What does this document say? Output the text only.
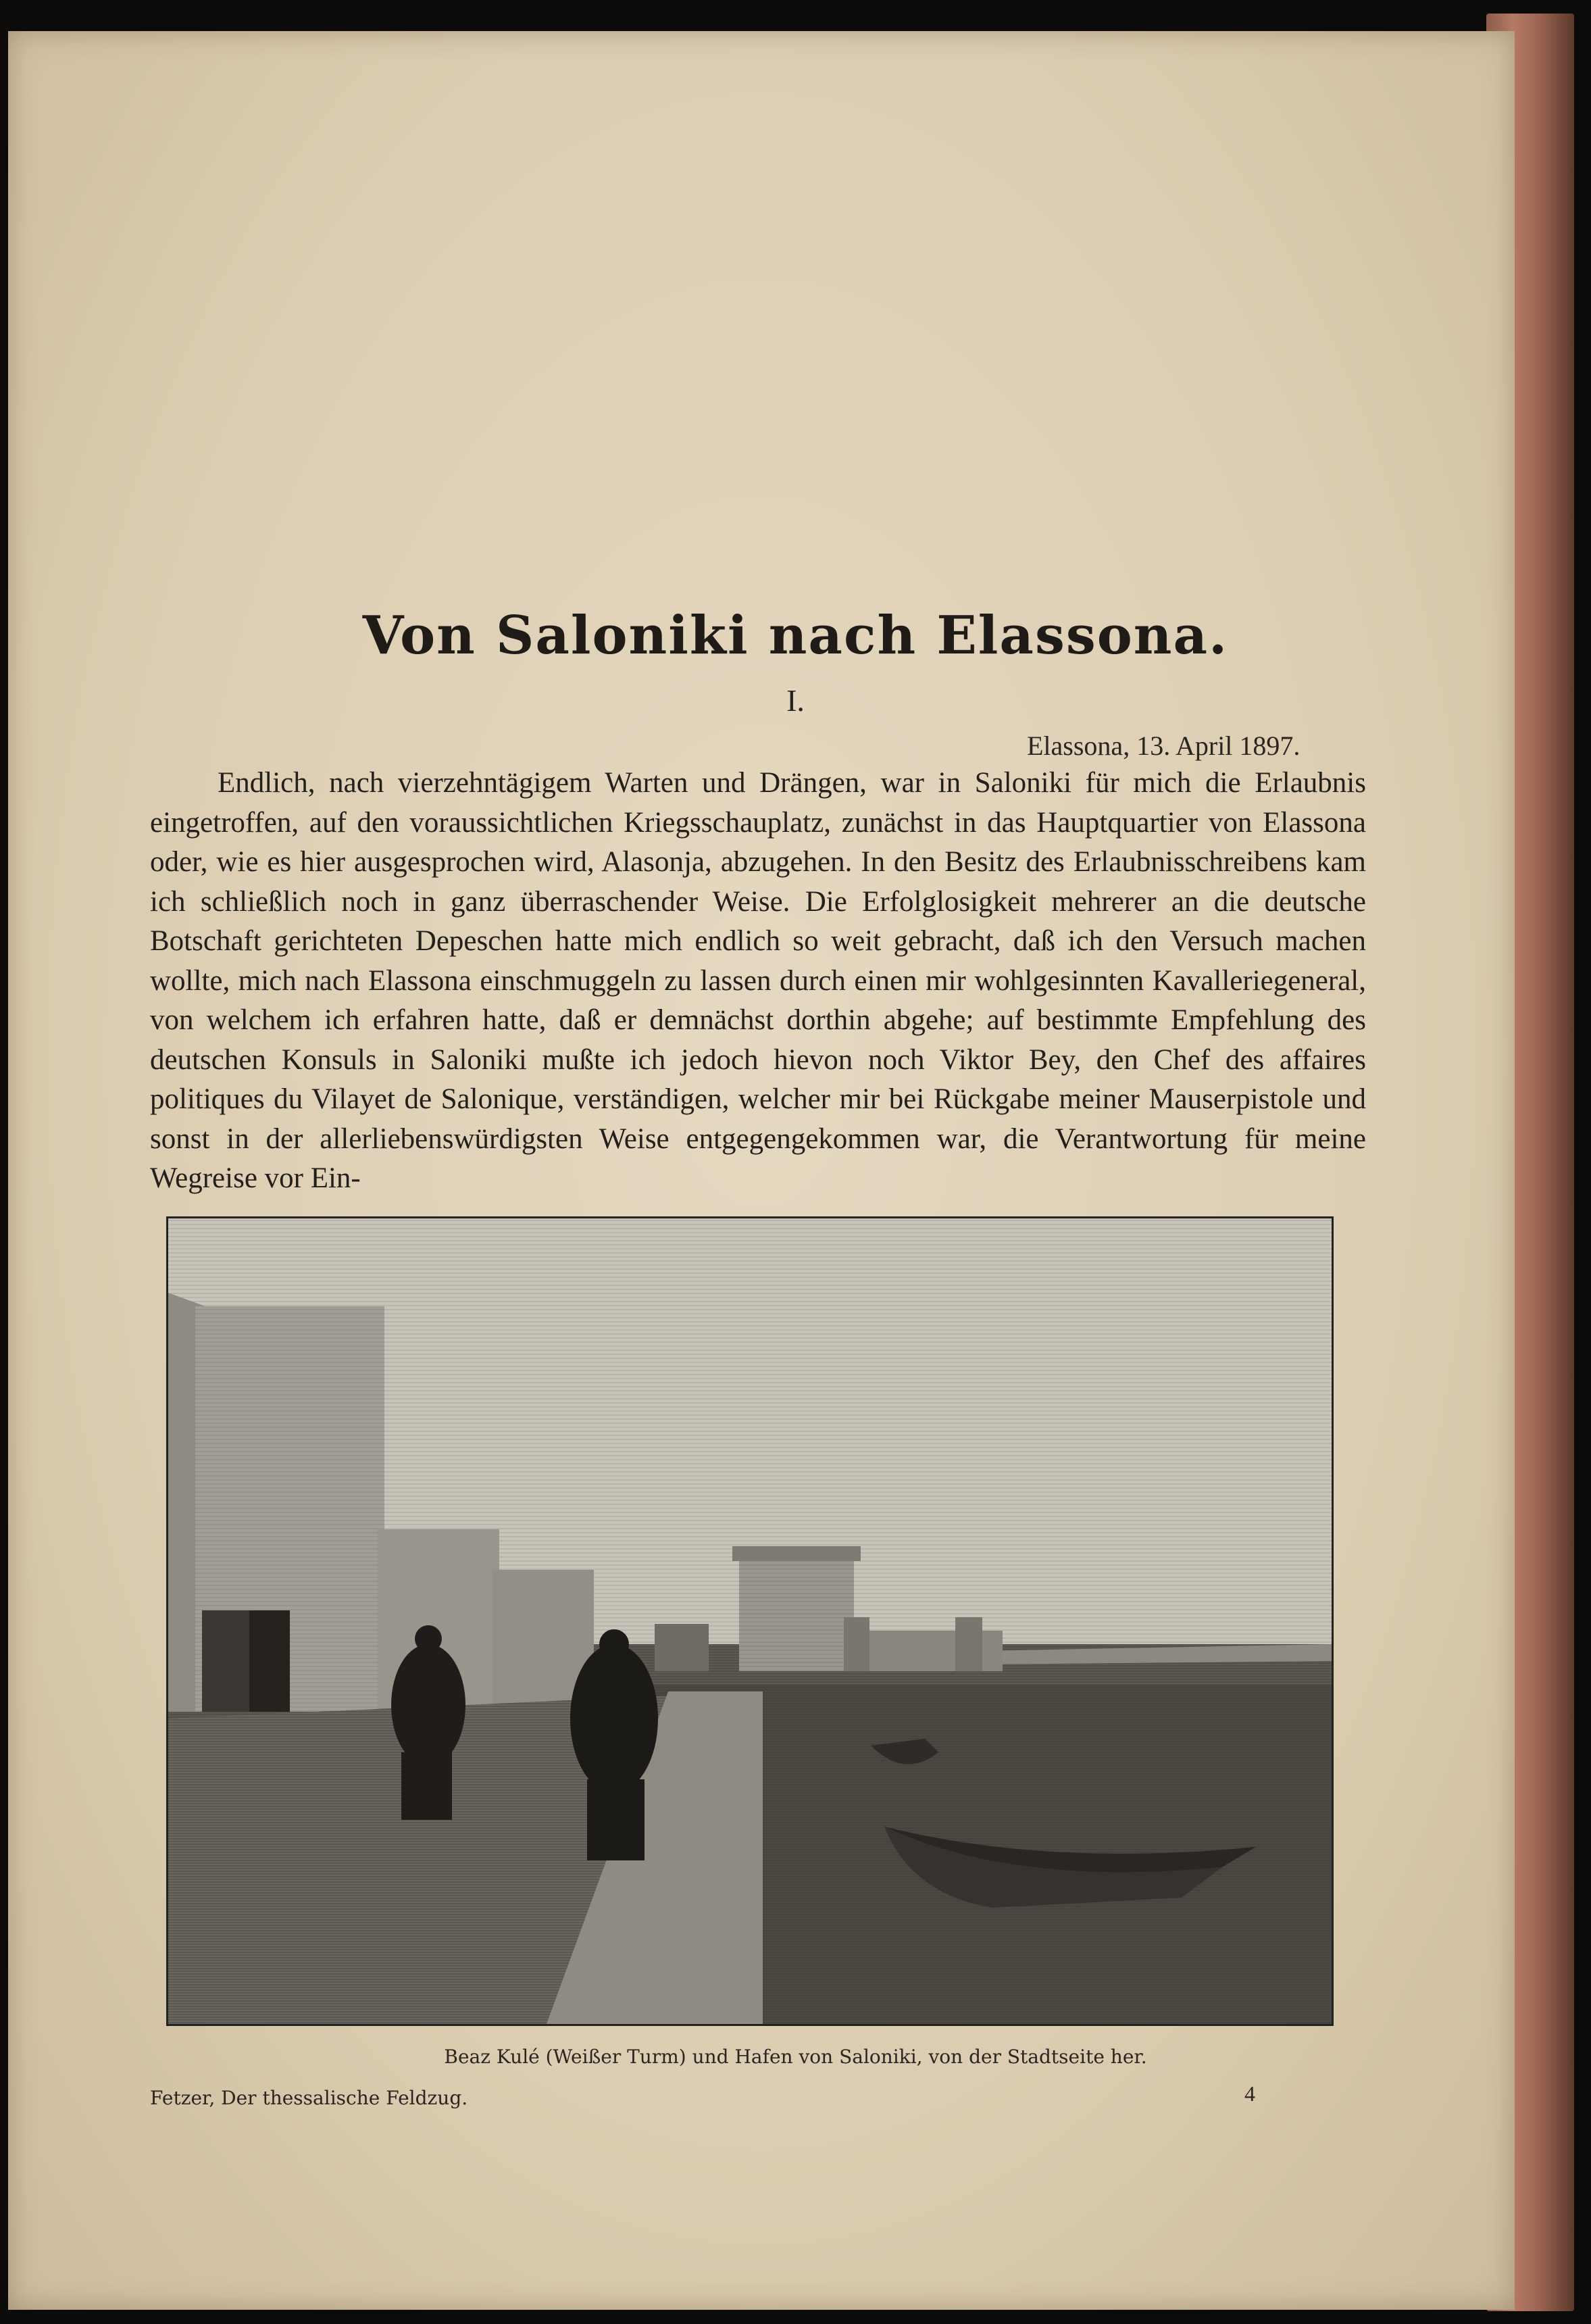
Von Saloniki nach Elassona.
I.
Elassona, 13. April 1897.
Endlich, nach vierzehntägigem Warten und Drängen, war in Saloniki für mich die Erlaubnis eingetroffen, auf den voraussichtlichen Kriegsschauplatz, zunächst in das Hauptquartier von Elassona oder, wie es hier ausgesprochen wird, Alasonja, abzugehen. In den Besitz des Erlaubnisschreibens kam ich schließlich noch in ganz überraschender Weise. Die Erfolglosigkeit mehrerer an die deutsche Botschaft gerichteten Depeschen hatte mich endlich so weit gebracht, daß ich den Versuch machen wollte, mich nach Elassona einschmuggeln zu lassen durch einen mir wohlgesinnten Kavalleriegeneral, von welchem ich erfahren hatte, daß er demnächst dorthin abgehe; auf bestimmte Empfehlung des deutschen Konsuls in Saloniki mußte ich jedoch hievon noch Viktor Bey, den Chef des affaires politiques du Vilayet de Salonique, verständigen, welcher mir bei Rückgabe meiner Mauserpistole und sonst in der allerliebenswürdigsten Weise entgegengekommen war, die Verantwortung für meine Wegreise vor Ein-
Beaz Kulé (Weißer Turm) und Hafen von Saloniki, von der Stadtseite her.
Fetzer, Der thessalische Feldzug.	4
